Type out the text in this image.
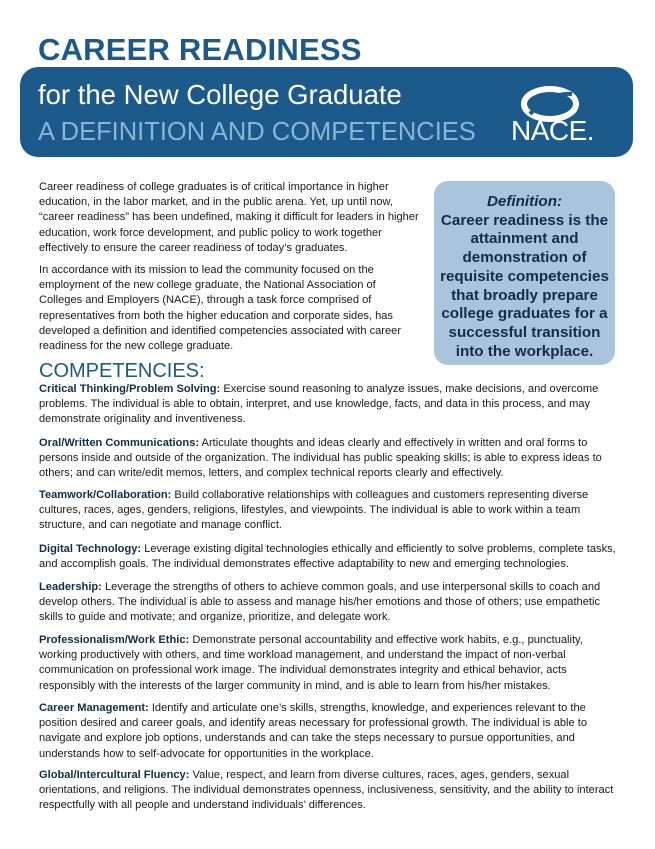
CAREER READINESS
for the New College Graduate
A DEFINITION AND COMPETENCIES NACE.

Career readiness of college graduates is of critical importance in higher education, in the labor market, and in the public arena. Yet, up until now, “career readiness” has been undefined, making it difficult for leaders in higher education, work force development, and public policy to work together effectively to ensure the career readiness of today’s graduates.

In accordance with its mission to lead the community focused on the employment of the new college graduate, the National Association of Colleges and Employers (NACE), through a task force comprised of representatives from both the higher education and corporate sides, has developed a definition and identified competencies associated with career readiness for the new college graduate.

Definition:
Career readiness is the attainment and demonstration of requisite competencies that broadly prepare college graduates for a successful transition into the workplace.
COMPETENCIES:

Critical Thinking/Problem Solving: Exercise sound reasoning to analyze issues, make decisions, and overcome problems. The individual is able to obtain, interpret, and use knowledge, facts, and data in this process, and may demonstrate originality and inventiveness.

Oral/Written Communications: Articulate thoughts and ideas clearly and effectively in written and oral forms to persons inside and outside of the organization. The individual has public speaking skills; is able to express ideas to others; and can write/edit memos, letters, and complex technical reports clearly and effectively.

Teamwork/Collaboration: Build collaborative relationships with colleagues and customers representing diverse cultures, races, ages, genders, religions, lifestyles, and viewpoints. The individual is able to work within a team structure, and can negotiate and manage conflict.

Digital Technology: Leverage existing digital technologies ethically and efficiently to solve problems, complete tasks, and accomplish goals. The individual demonstrates effective adaptability to new and emerging technologies.

Leadership: Leverage the strengths of others to achieve common goals, and use interpersonal skills to coach and develop others. The individual is able to assess and manage his/her emotions and those of others; use empathetic skills to guide and motivate; and organize, prioritize, and delegate work.

Professionalism/Work Ethic: Demonstrate personal accountability and effective work habits, e.g., punctuality, working productively with others, and time workload management, and understand the impact of non-verbal communication on professional work image. The individual demonstrates integrity and ethical behavior, acts responsibly with the interests of the larger community in mind, and is able to learn from his/her mistakes.

Career Management: Identify and articulate one’s skills, strengths, knowledge, and experiences relevant to the position desired and career goals, and identify areas necessary for professional growth. The individual is able to navigate and explore job options, understands and can take the steps necessary to pursue opportunities, and understands how to self-advocate for opportunities in the workplace.

Global/Intercultural Fluency: Value, respect, and learn from diverse cultures, races, ages, genders, sexual orientations, and religions. The individual demonstrates openness, inclusiveness, sensitivity, and the ability to interact respectfully with all people and understand individuals’ differences.
